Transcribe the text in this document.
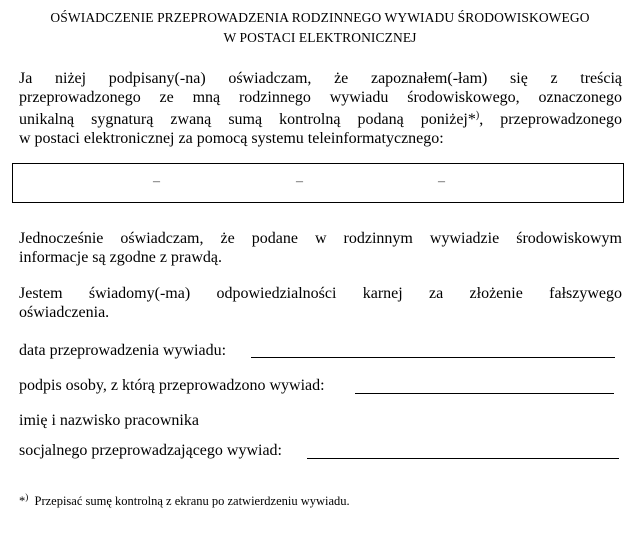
OŚWIADCZENIE PRZEPROWADZENIA RODZINNEGO WYWIADU ŚRODOWISKOWEGO
W POSTACI ELEKTRONICZNEJ
Ja niżej podpisany(-na) oświadczam, że zapoznałem(-łam) się z treścią
przeprowadzonego ze mną rodzinnego wywiadu środowiskowego, oznaczonego
unikalną sygnaturą zwaną sumą kontrolną podaną poniżej*), przeprowadzonego
w postaci elektronicznej za pomocą systemu teleinformatycznego:
–	–	–
Jednocześnie oświadczam, że podane w rodzinnym wywiadzie środowiskowym
informacje są zgodne z prawdą.
Jestem świadomy(-ma) odpowiedzialności karnej za złożenie fałszywego
oświadczenia.
data przeprowadzenia wywiadu:
podpis osoby, z którą przeprowadzono wywiad:
imię i nazwisko pracownika
socjalnego przeprowadzającego wywiad:
*) Przepisać sumę kontrolną z ekranu po zatwierdzeniu wywiadu.
